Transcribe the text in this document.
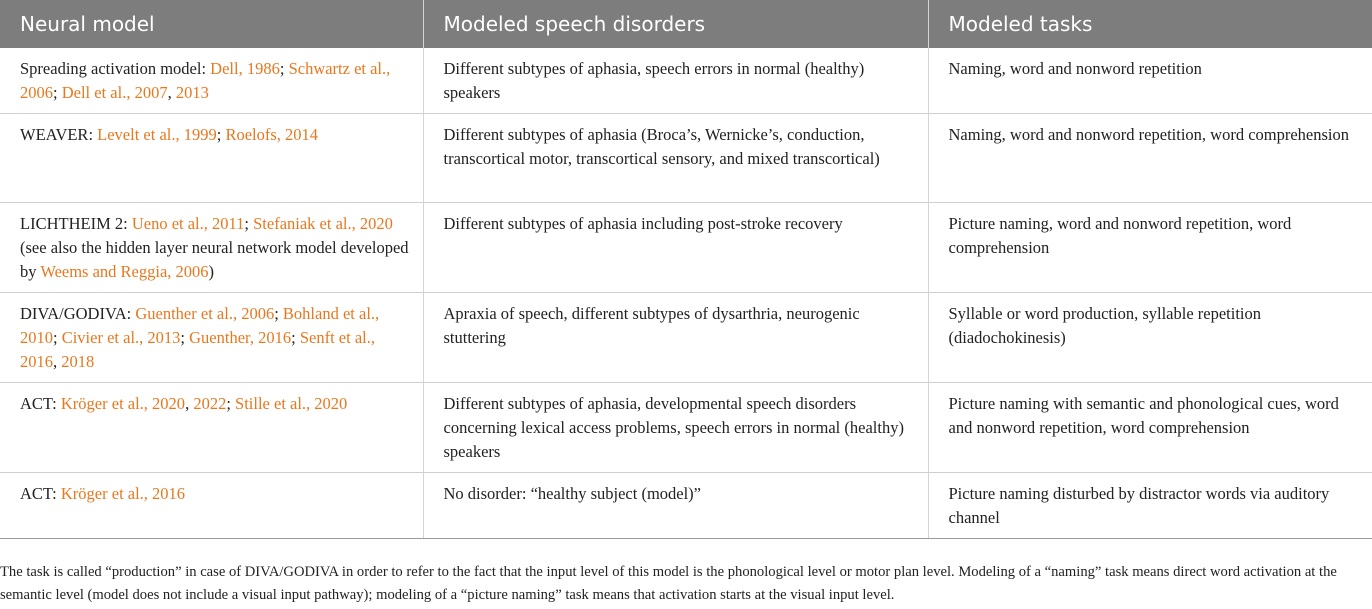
Neural model	Modeled speech disorders	Modeled tasks
Spreading activation model: Dell, 1986; Schwartz et al., 2006; Dell et al., 2007, 2013	Different subtypes of aphasia, speech errors in normal (healthy) speakers	Naming, word and nonword repetition
WEAVER: Levelt et al., 1999; Roelofs, 2014	Different subtypes of aphasia (Broca’s, Wernicke’s, conduction, transcortical motor, transcortical sensory, and mixed transcortical)	Naming, word and nonword repetition, word comprehension
LICHTHEIM 2: Ueno et al., 2011; Stefaniak et al., 2020 (see also the hidden layer neural network model developed by Weems and Reggia, 2006)	Different subtypes of aphasia including post-stroke recovery	Picture naming, word and nonword repetition, word comprehension
DIVA/GODIVA: Guenther et al., 2006; Bohland et al., 2010; Civier et al., 2013; Guenther, 2016; Senft et al., 2016, 2018	Apraxia of speech, different subtypes of dysarthria, neurogenic stuttering	Syllable or word production, syllable repetition (diadochokinesis)
ACT: Kröger et al., 2020, 2022; Stille et al., 2020	Different subtypes of aphasia, developmental speech disorders concerning lexical access problems, speech errors in normal (healthy) speakers	Picture naming with semantic and phonological cues, word and nonword repetition, word comprehension
ACT: Kröger et al., 2016	No disorder: “healthy subject (model)”	Picture naming disturbed by distractor words via auditory channel

The task is called “production” in case of DIVA/GODIVA in order to refer to the fact that the input level of this model is the phonological level or motor plan level. Modeling of a “naming” task means direct word activation at the semantic level (model does not include a visual input pathway); modeling of a “picture naming” task means that activation starts at the visual input level.
